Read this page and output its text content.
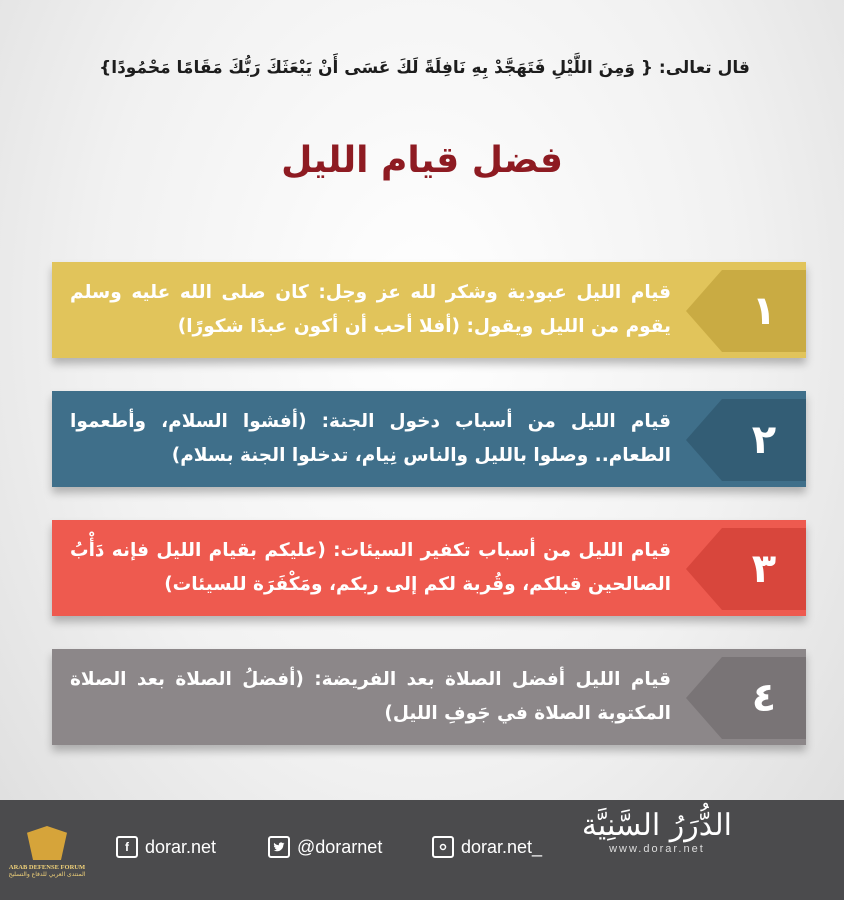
قال تعالى: { وَمِنَ اللَّيْلِ فَتَهَجَّدْ بِهِ نَافِلَةً لَكَ عَسَى أَنْ يَبْعَثَكَ رَبُّكَ مَقَامًا مَحْمُودًا}
فضل قيام الليل
١
قيام الليل عبودية وشكر لله عز وجل: كان صلى الله عليه وسلم يقوم من الليل ويقول: (أفلا أحب أن أكون عبدًا شكورًا)
٢
قيام الليل من أسباب دخول الجنة: (أفشوا السلام، وأطعموا الطعام.. وصلوا بالليل والناس نِيام، تدخلوا الجنة بسلام)
٣
قيام الليل من أسباب تكفير السيئات: (عليكم بقيام الليل فإنه دَأْبُ الصالحين قبلكم، وقُربة لكم إلى ربكم، ومَكْفَرَة للسيئات)
٤
قيام الليل أفضل الصلاة بعد الفريضة: (أفضلُ الصلاة بعد الصلاة المكتوبة الصلاة في جَوفِ الليل)
ARAB DEFENSE FORUM
المنتدى العربي للدفاع والتسليح
f dorar.net	@dorarnet	dorar.net_
الدُّرَرُ السَّنِيَّة
www.dorar.net
